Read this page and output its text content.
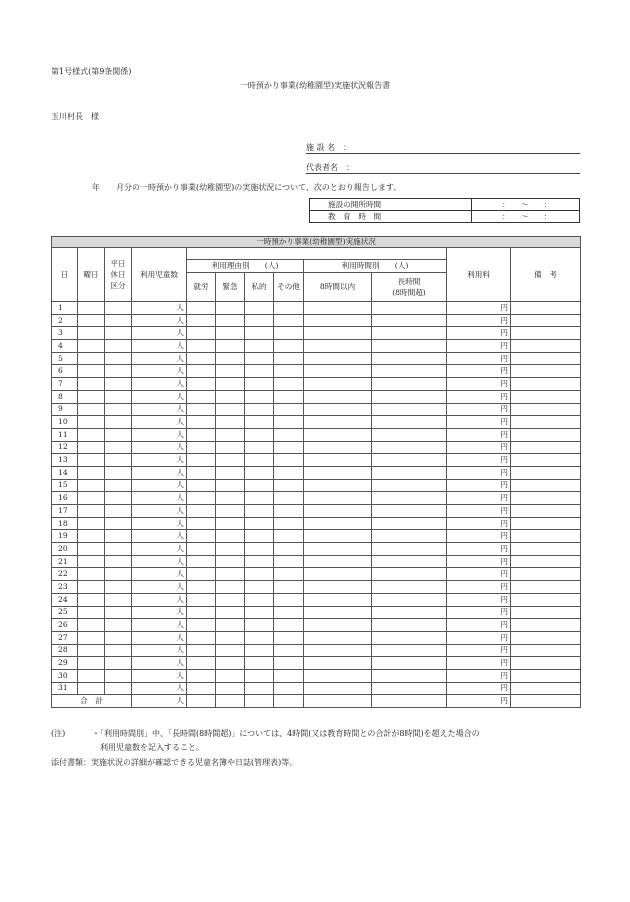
第1号様式(第9条関係)
一時預かり事業(幼稚園型)実施状況報告書
玉川村長　様
施 設 名　：
代表者名　：
年　　月分の一時預かり事業(幼稚園型)の実施状況について、次のとおり報告します。
施設の開所時間	：　　～　　：
教　育　時　間	：　　～　　：
一時預かり事業(幼稚園型)実施状況													
日	曜日	平日
休日
区分	利用児童数								利用料		備　考
					利用理由別　　(人)				利用時間別　　(人)				
					就労	緊急	私的	その他	8時間以内	長時間
(8時間超)			
1				人								円	
2				人								円	
3				人								円	
4				人								円	
5				人								円	
6				人								円	
7				人								円	
8				人								円	
9				人								円	
10				人								円	
11				人								円	
12				人								円	
13				人								円	
14				人								円	
15				人								円	
16				人								円	
17				人								円	
18				人								円	
19				人								円	
20				人								円	
21				人								円	
22				人								円	
23				人								円	
24				人								円	
25				人								円	
26				人								円	
27				人								円	
28				人								円	
29				人								円	
30				人								円	
31				人								円	
合　計				人								円	
(注)	・「利用時間別」中、「長時間(8時間超)」については、4時間(又は教育時間との合計が8時間)を超えた場合の
利用児童数を記入すること。
添付書類：実施状況の詳細が確認できる児童名簿や日誌(管理表)等。
